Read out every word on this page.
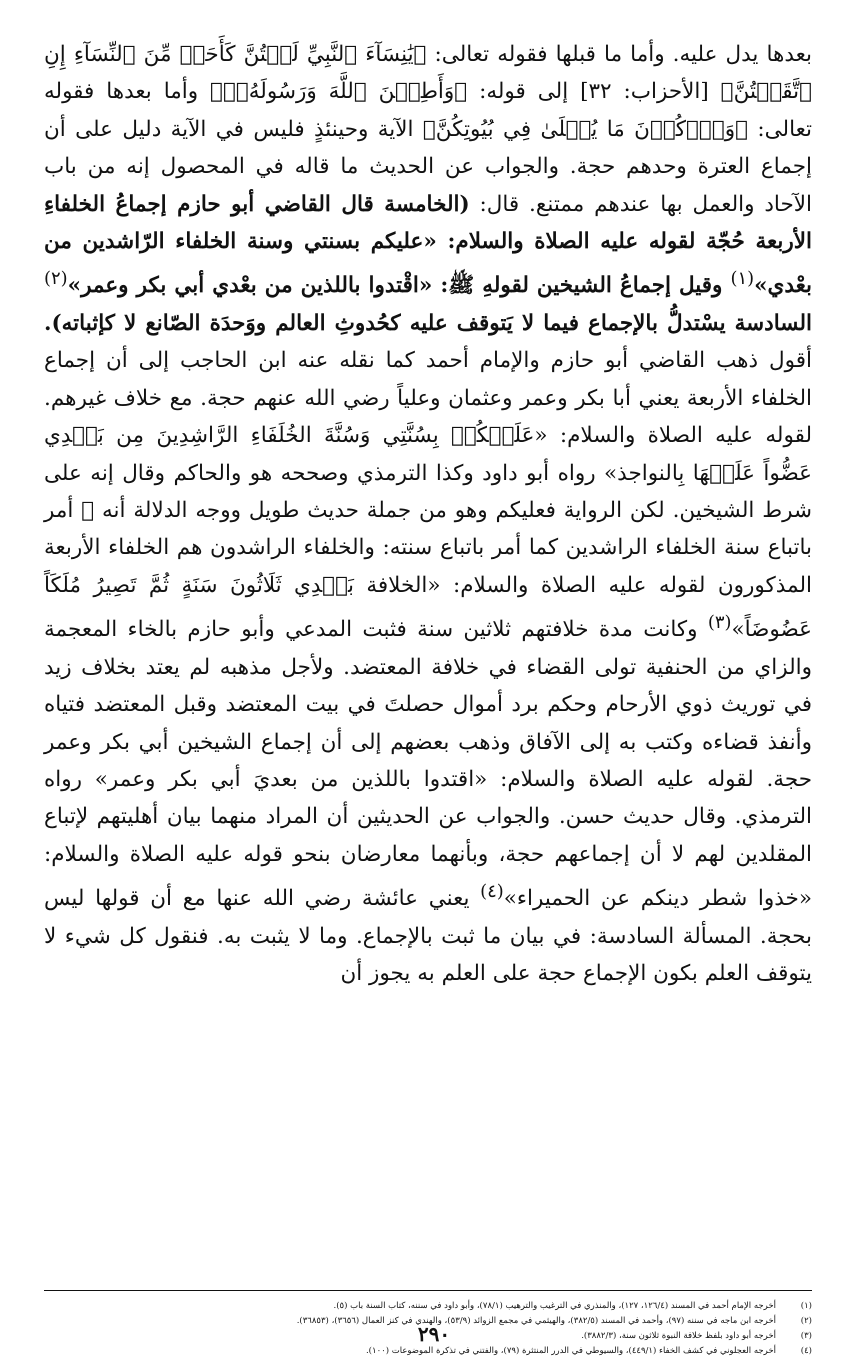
بعدها يدل عليه. وأما ما قبلها فقوله تعالى: ﴿يَٰنِسَآءَ ٱلنَّبِيِّ لَسۡتُنَّ كَأَحَدٖ مِّنَ ٱلنِّسَآءِ إِنِ ٱتَّقَيۡتُنَّ﴾ [الأحزاب: ٣٢] إلى قوله: ﴿وَأَطِعۡنَ ٱللَّهَ وَرَسُولَهُۥٓ﴾ وأما بعدها فقوله تعالى: ﴿وَٱذۡكُرۡنَ مَا يُتۡلَىٰ فِي بُيُوتِكُنَّ﴾ الآية وحينئذٍ فليس في الآية دليل على أن إجماع العترة وحدهم حجة. والجواب عن الحديث ما قاله في المحصول إنه من باب الآحاد والعمل بها عندهم ممتنع. قال: (الخامسة قال القاضي أبو حازم إجماعُ الخلفاءِ الأربعة حُجّة لقوله عليه الصلاة والسلام: «عليكم بسنتي وسنة الخلفاء الرّاشدين من بعْدي»$^{(١)}$ وقيل إجماعُ الشيخين لقولهِ ﷺ: «اقْتدوا باللذين من بعْدي أبي بكر وعمر»$^{(٢)}$ السادسة يسْتدلُّ بالإجماع فيما لا يَتوقف عليه كحُدوثِ العالم ووَحدَة الصّانع لا كإثباته). أقول ذهب القاضي أبو حازم والإمام أحمد كما نقله عنه ابن الحاجب إلى أن إجماع الخلفاء الأربعة يعني أبا بكر وعمر وعثمان وعلياً رضي الله عنهم حجة. مع خلاف غيرهم. لقوله عليه الصلاة والسلام: «عَلَيۡكُمۡ بِسُنَّتِي وَسُنَّةَ الخُلَفَاءِ الرَّاشِدِينَ مِن بَعۡدِي عَضُّواً عَلَيۡهَا بِالنواجذ» رواه أبو داود وكذا الترمذي وصححه هو والحاكم وقال إنه على شرط الشيخين. لكن الرواية فعليكم وهو من جملة حديث طويل ووجه الدلالة أنه ﷺ أمر باتباع سنة الخلفاء الراشدين كما أمر باتباع سنته: والخلفاء الراشدون هم الخلفاء الأربعة المذكورون لقوله عليه الصلاة والسلام: «الخلافة بَعۡدِي ثَلَاثُونَ سَنَةٍ ثُمَّ تَصِيرُ مُلَكَاً عَضُوضَاً»$^{(٣)}$ وكانت مدة خلافتهم ثلاثين سنة فثبت المدعي وأبو حازم بالخاء المعجمة والزاي من الحنفية تولى القضاء في خلافة المعتضد. ولأجل مذهبه لم يعتد بخلاف زيد في توريث ذوي الأرحام وحكم برد أموال حصلتَ في بيت المعتضد وقبل المعتضد فتياه وأنفذ قضاءه وكتب به إلى الآفاق وذهب بعضهم إلى أن إجماع الشيخين أبي بكر وعمر حجة. لقوله عليه الصلاة والسلام: «اقتدوا باللذين من بعديَ أبي بكر وعمر» رواه الترمذي. وقال حديث حسن. والجواب عن الحديثين أن المراد منهما بيان أهليتهم لإتباع المقلدين لهم لا أن إجماعهم حجة، وبأنهما معارضان بنحو قوله عليه الصلاة والسلام: «خذوا شطر دينكم عن الحميراء»$^{(٤)}$ يعني عائشة رضي الله عنها مع أن قولها ليس بحجة. المسألة السادسة: في بيان ما ثبت بالإجماع. وما لا يثبت به. فنقول كل شيء لا يتوقف العلم بكون الإجماع حجة على العلم به يجوز أن

(١)
أخرجه الإمام أحمد في المسند (١٢٦/٤، ١٢٧)، والمنذري في الترغيب والترهيب (٧٨/١)، وأبو داود في سننه، كتاب السنة باب (٥).
(٢)
أخرجه ابن ماجه في سننه (٩٧)، وأحمد في المسند (٣٨٢/٥)، والهيثمي في مجمع الزوائد (٥٣/٩)، والهندي في كنز العمال (٣٦٥٦)، (٣٦٨٥٣).
(٣)
أخرجه أبو داود بلفظ خلافة النبوة ثلاثون سنة، (٣٨٨٢/٣).
(٤)
أخرجه العجلوني في كشف الخفاء (٤٤٩/١)، والسيوطي في الدرر المنتثرة (٧٩)، والفتني في تذكرة الموضوعات (١٠٠).
٢٩٠
